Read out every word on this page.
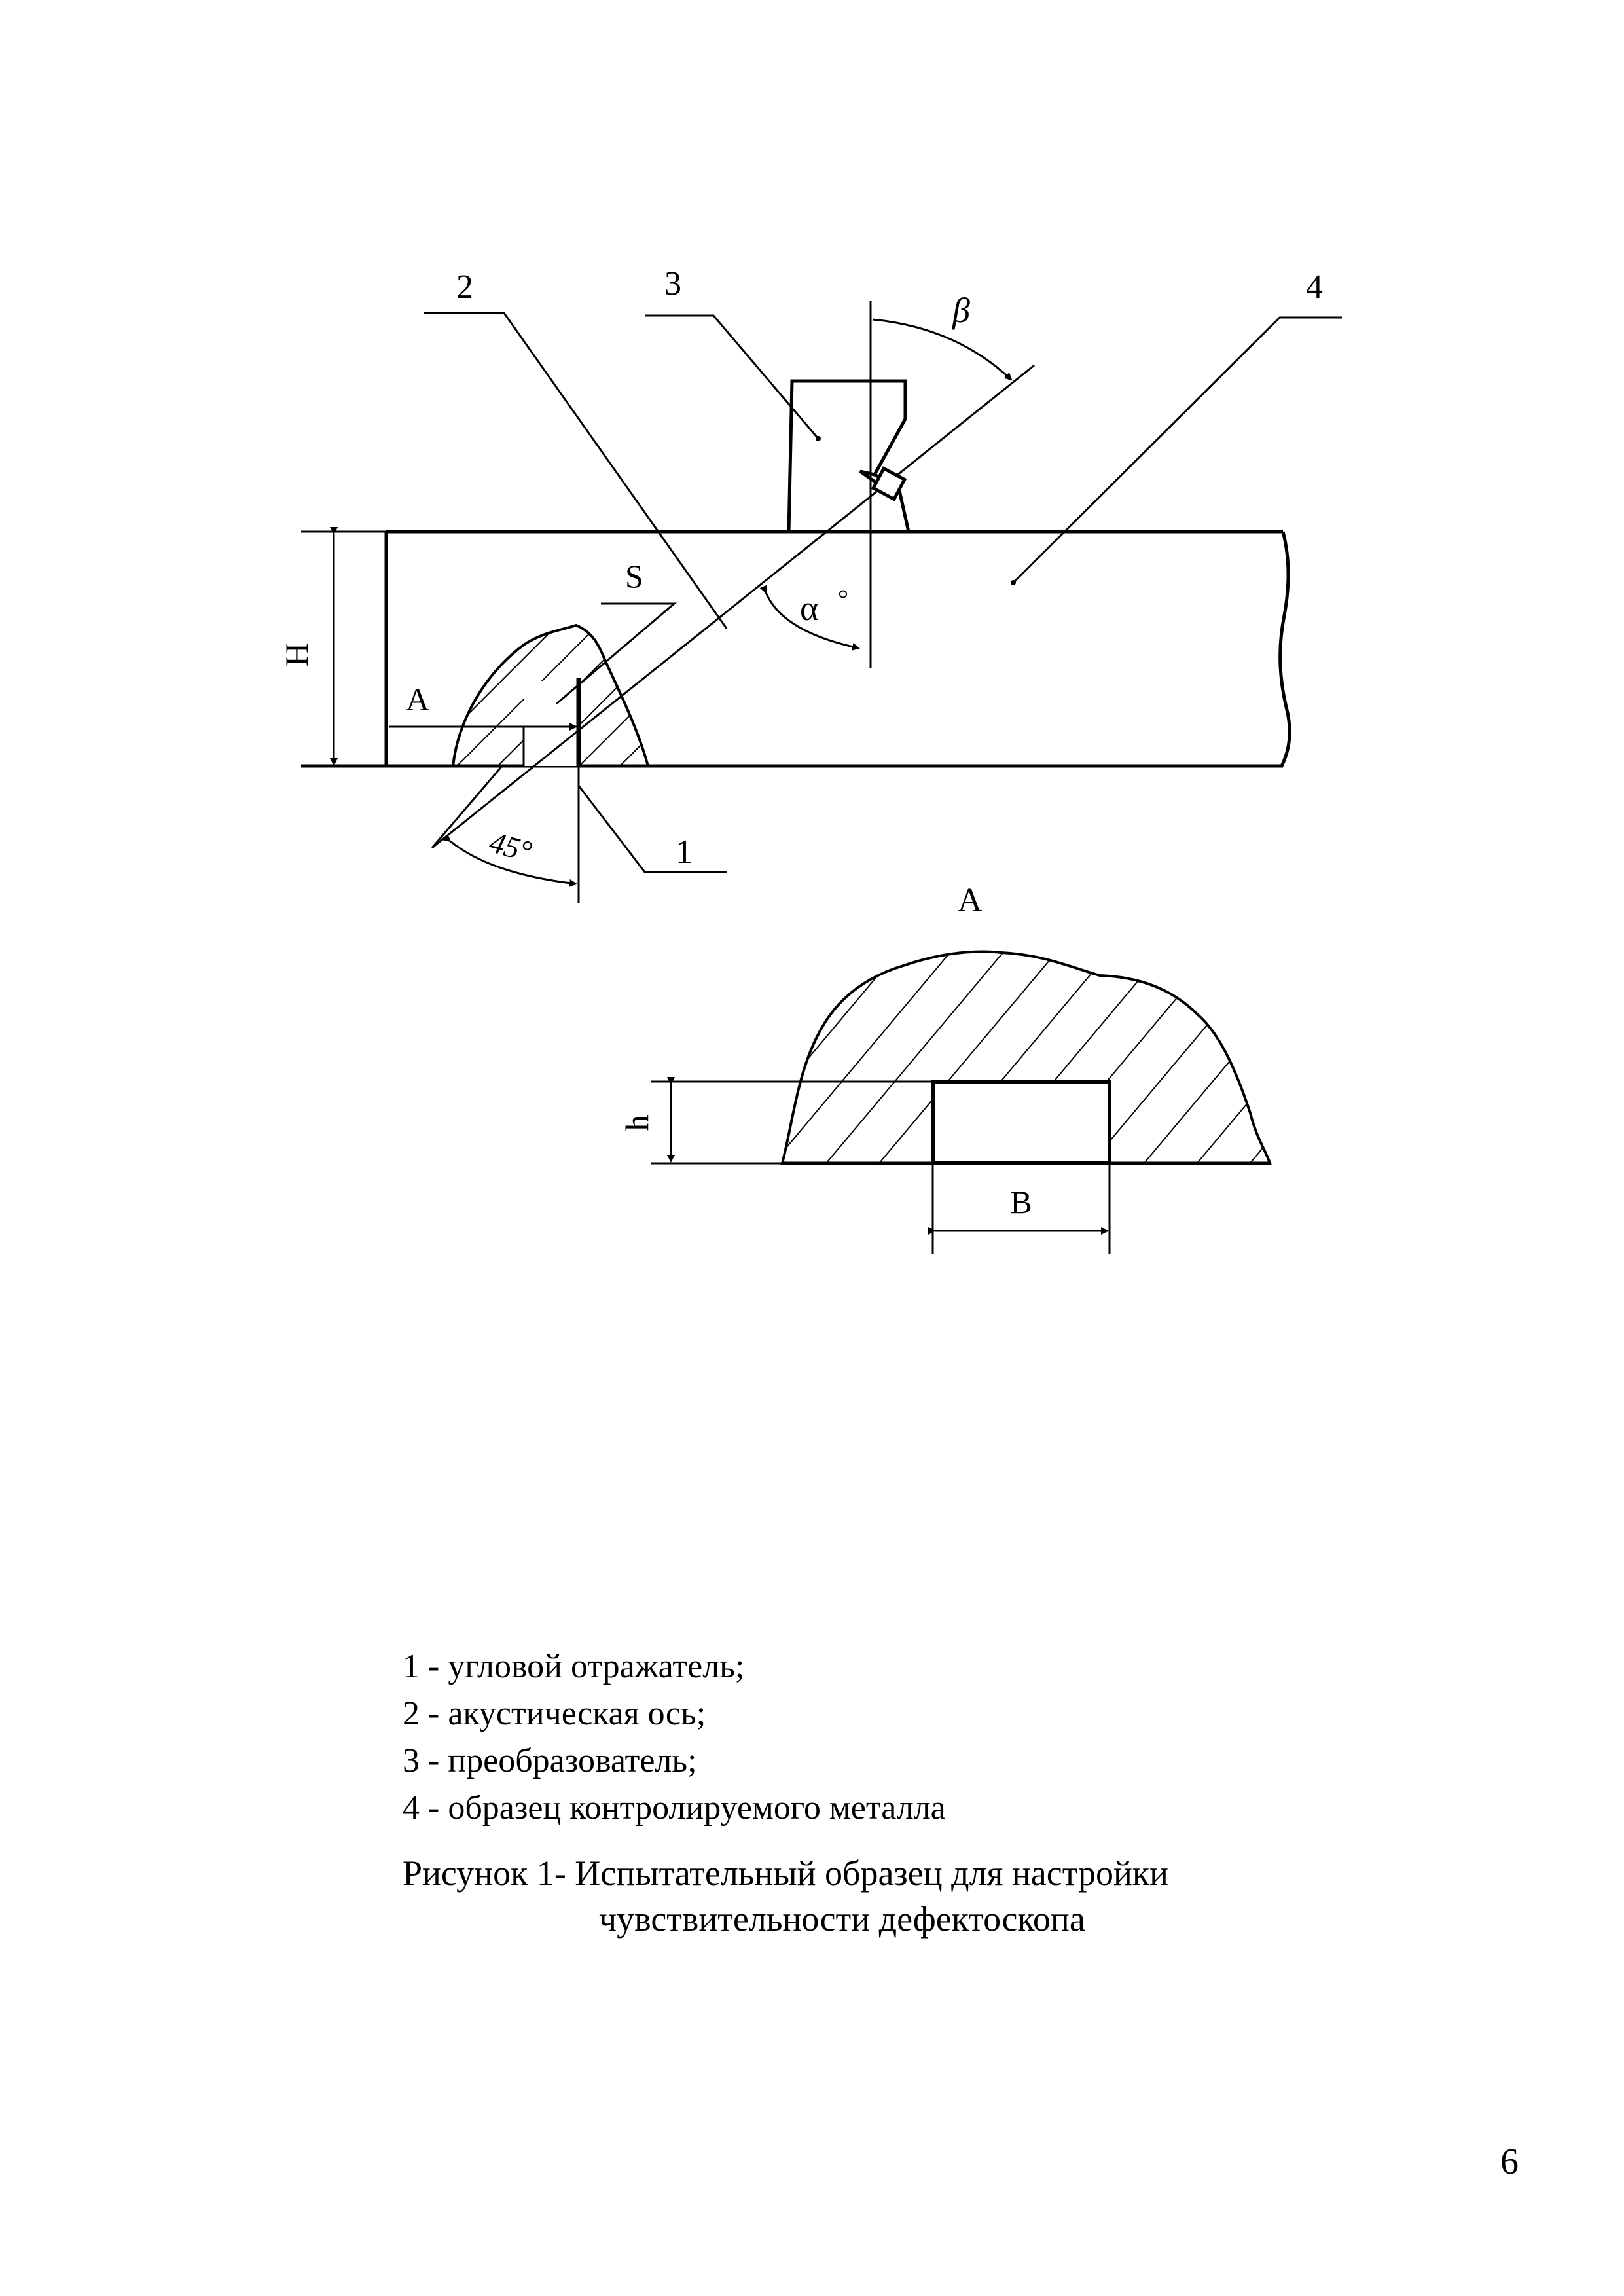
H
A
S
β
α °
45°	1
2	3	4
A
h
B
1 - угловой отражатель;
2 - акустическая ось;
3 - преобразователь;
4 - образец контролируемого металла
Рисунок 1- Испытательный образец для настройки
чувствительности дефектоскопа
6
